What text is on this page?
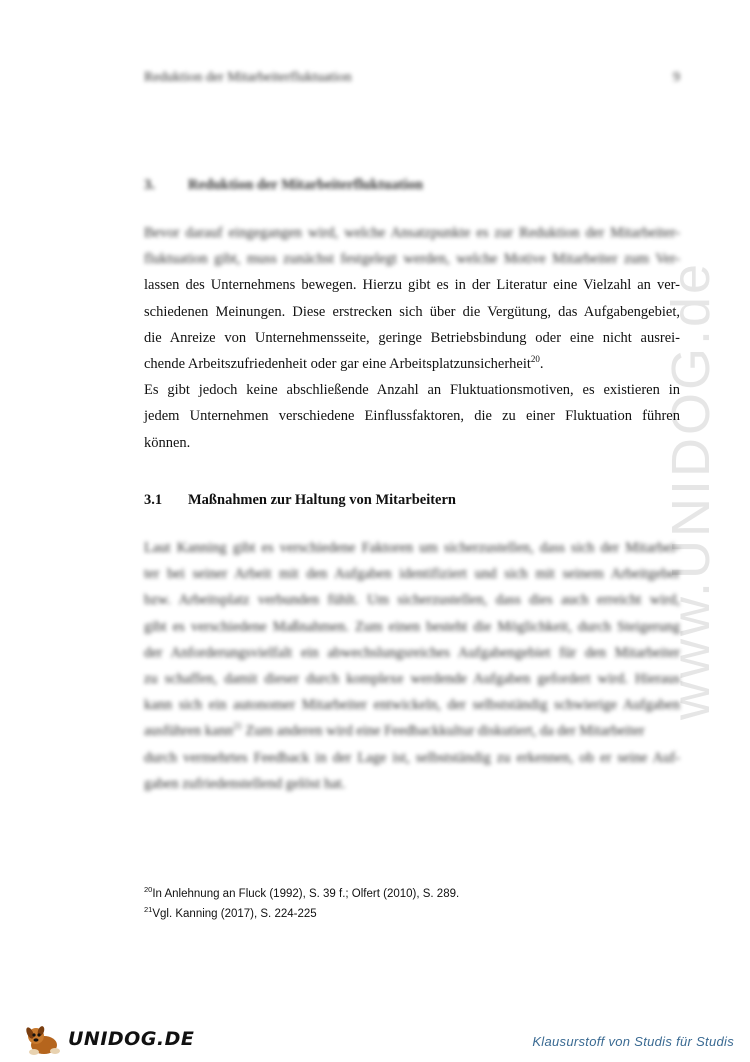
www.UNIDOG.de
Reduktion der Mitarbeiterfluktuation	9
3.	Reduktion der Mitarbeiterfluktuation
Bevor darauf eingegangen wird, welche Ansatzpunkte es zur Reduktion der Mitarbeiter-
fluktuation gibt, muss zunächst festgelegt werden, welche Motive Mitarbeiter zum Ver-
lassen des Unternehmens bewegen. Hierzu gibt es in der Literatur eine Vielzahl an ver-
schiedenen Meinungen. Diese erstrecken sich über die Vergütung, das Aufgabengebiet,
die Anreize von Unternehmensseite, geringe Betriebsbindung oder eine nicht ausrei-
chende Arbeitszufriedenheit oder gar eine Arbeitsplatzunsicherheit$^{20}$.
Es gibt jedoch keine abschließende Anzahl an Fluktuationsmotiven, es existieren in
jedem Unternehmen verschiedene Einflussfaktoren, die zu einer Fluktuation führen
können.
3.1	Maßnahmen zur Haltung von Mitarbeitern
Laut Kanning gibt es verschiedene Faktoren um sicherzustellen, dass sich der Mitarbei-
ter bei seiner Arbeit mit den Aufgaben identifiziert und sich mit seinem Arbeitgeber
bzw. Arbeitsplatz verbunden fühlt. Um sicherzustellen, dass dies auch erreicht wird,
gibt es verschiedene Maßnahmen. Zum einen besteht die Möglichkeit, durch Steigerung
der Anforderungsvielfalt ein abwechslungsreiches Aufgabengebiet für den Mitarbeiter
zu schaffen, damit dieser durch komplexe werdende Aufgaben gefordert wird. Hieraus
kann sich ein autonomer Mitarbeiter entwickeln, der selbstständig schwierige Aufgaben
ausführen kann$^{21}$ Zum anderen wird eine Feedbackkultur diskutiert, da der Mitarbeiter
durch vermehrtes Feedback in der Lage ist, selbstständig zu erkennen, ob er seine Auf-
gaben zufriedenstellend gelöst hat.
$^{20}$In Anlehnung an Fluck (1992), S. 39 f.; Olfert (2010), S. 289.
$^{21}$Vgl. Kanning (2017), S. 224-225
UNIDOG.DE	Klausurstoff von Studis für Studis
